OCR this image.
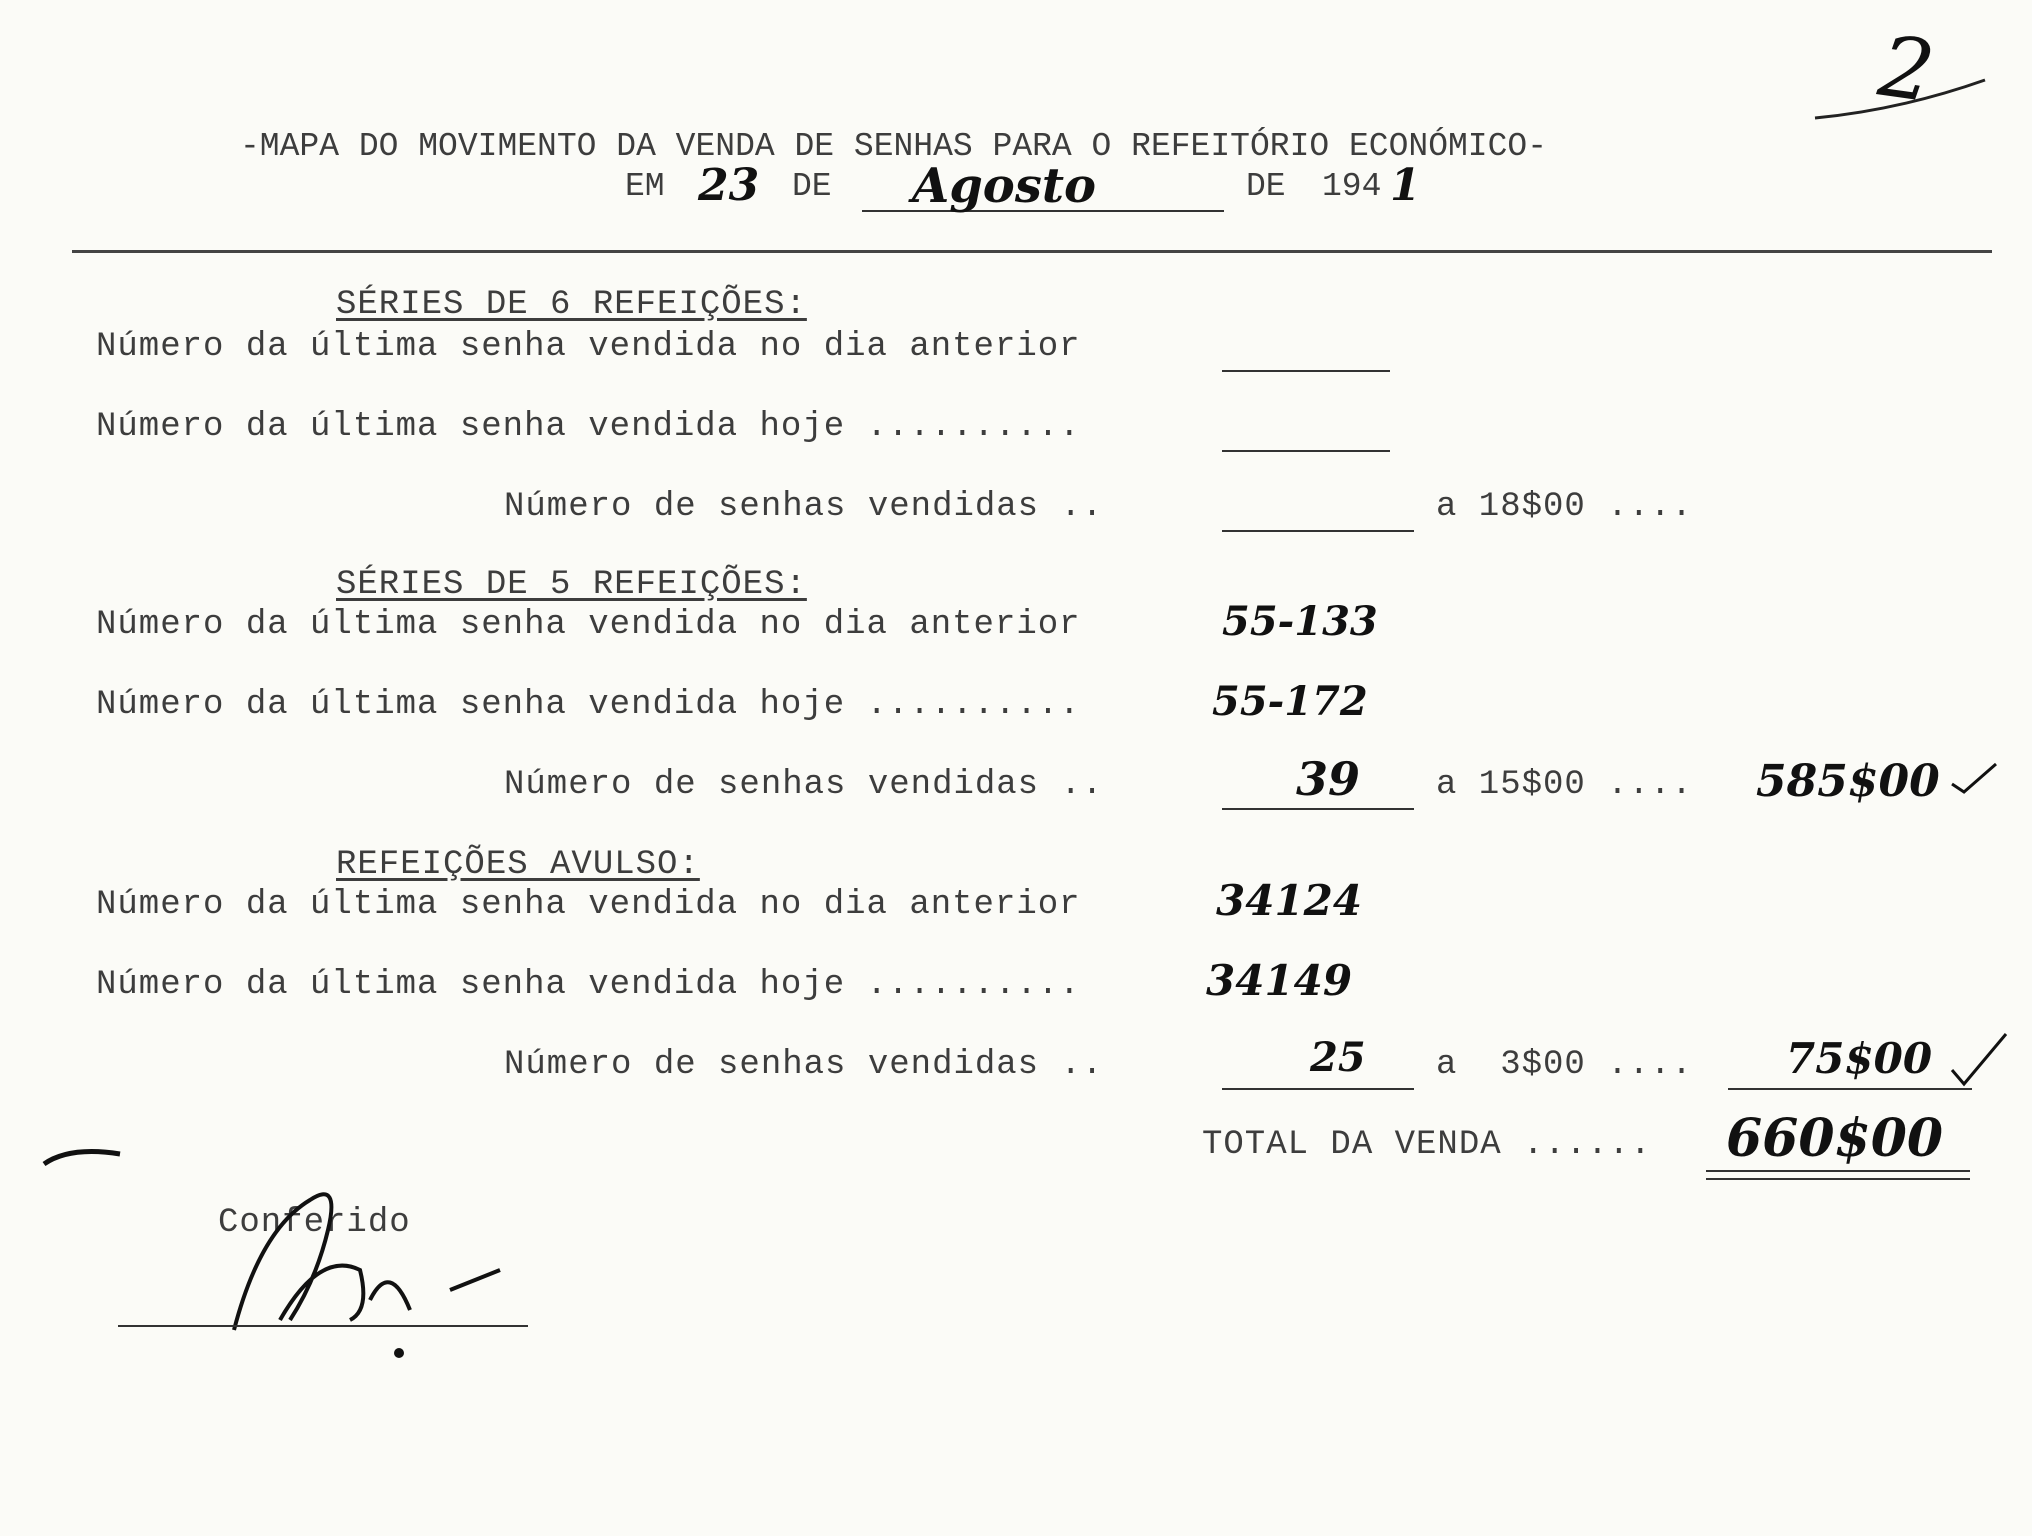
2
-MAPA DO MOVIMENTO DA VENDA DE SENHAS PARA O REFEITÓRIO ECONÓMICO-
EM 23 DE Agosto	DE 194 1
SÉRIES DE 6 REFEIÇÕES:
Número da última senha vendida no dia anterior
Número da última senha vendida hoje ..........
Número de senhas vendidas ..	a 18$00 ....
SÉRIES DE 5 REFEIÇÕES:
Número da última senha vendida no dia anterior	55-133
Número da última senha vendida hoje ..........	55-172
Número de senhas vendidas ..	39 a 15$00 .... 585$00
REFEIÇÕES AVULSO:
Número da última senha vendida no dia anterior	34124
Número da última senha vendida hoje ..........	34149
Número de senhas vendidas ..	25 a  3$00 .... 75$00
TOTAL DA VENDA ...... 660$00
Conferido
